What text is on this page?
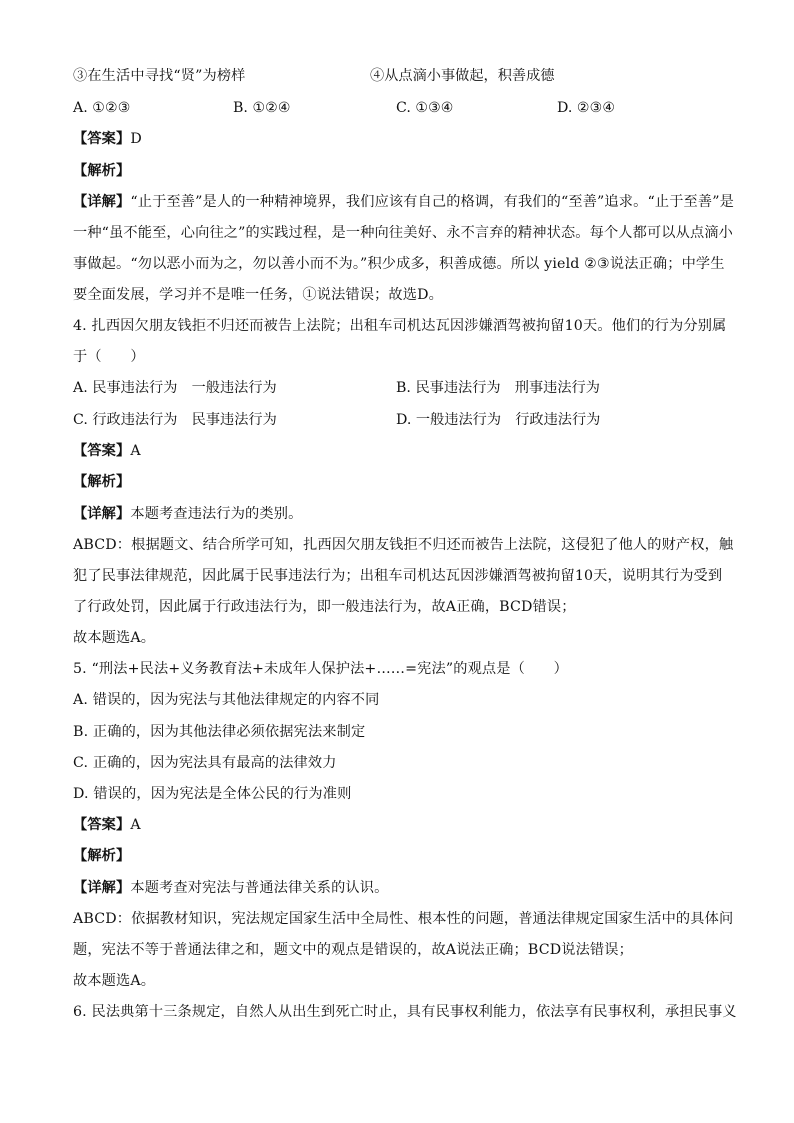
③在生活中寻找“贤”为榜样	④从点滴小事做起，积善成德
A. ①②③	B. ①②④	C. ①③④	D. ②③④
【答案】D
【解析】
【详解】“止于至善”是人的一种精神境界，我们应该有自己的格调，有我们的“至善”追求。“止于至善”是
一种“虽不能至，心向往之”的实践过程，是一种向往美好、永不言弃的精神状态。每个人都可以从点滴小
事做起。“勿以恶小而为之，勿以善小而不为。”积少成多，积善成德。所以 yield ②③说法正确；中学生
要全面发展，学习并不是唯一任务，①说法错误；故选D。
4. 扎西因欠朋友钱拒不归还而被告上法院；出租车司机达瓦因涉嫌酒驾被拘留10天。他们的行为分别属
于（　　）
A. 民事违法行为　一般违法行为	B. 民事违法行为　刑事违法行为
C. 行政违法行为　民事违法行为	D. 一般违法行为　行政违法行为
【答案】A
【解析】
【详解】本题考查违法行为的类别。
ABCD：根据题文、结合所学可知，扎西因欠朋友钱拒不归还而被告上法院，这侵犯了他人的财产权，触
犯了民事法律规范，因此属于民事违法行为；出租车司机达瓦因涉嫌酒驾被拘留10天，说明其行为受到
了行政处罚，因此属于行政违法行为，即一般违法行为，故A正确，BCD错误；
故本题选A。
5. “刑法+民法+义务教育法+未成年人保护法+……=宪法”的观点是（　　）
A. 错误的，因为宪法与其他法律规定的内容不同
B. 正确的，因为其他法律必须依据宪法来制定
C. 正确的，因为宪法具有最高的法律效力
D. 错误的，因为宪法是全体公民的行为准则
【答案】A
【解析】
【详解】本题考查对宪法与普通法律关系的认识。
ABCD：依据教材知识，宪法规定国家生活中全局性、根本性的问题，普通法律规定国家生活中的具体问
题，宪法不等于普通法律之和，题文中的观点是错误的，故A说法正确；BCD说法错误；
故本题选A。
6. 民法典第十三条规定，自然人从出生到死亡时止，具有民事权利能力，依法享有民事权利，承担民事义
